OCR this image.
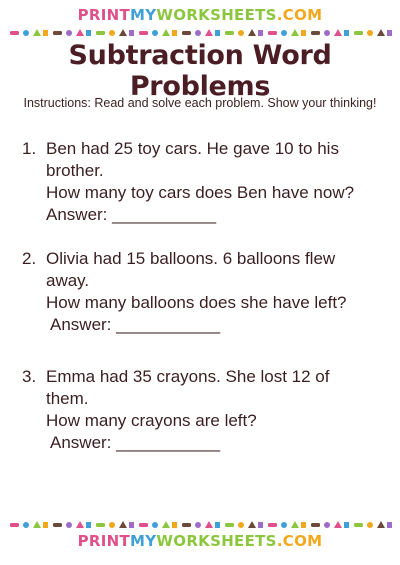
PRINTMYWORKSHEETS.COM
Subtraction Word Problems
Instructions: Read and solve each problem. Show your thinking!
1. Ben had 25 toy cars. He gave 10 to his
brother.
How many toy cars does Ben have now?
Answer: ___________
2. Olivia had 15 balloons. 6 balloons flew
away.
How many balloons does she have left?
Answer: ___________
3. Emma had 35 crayons. She lost 12 of
them.
How many crayons are left?
Answer: ___________
PRINTMYWORKSHEETS.COM
